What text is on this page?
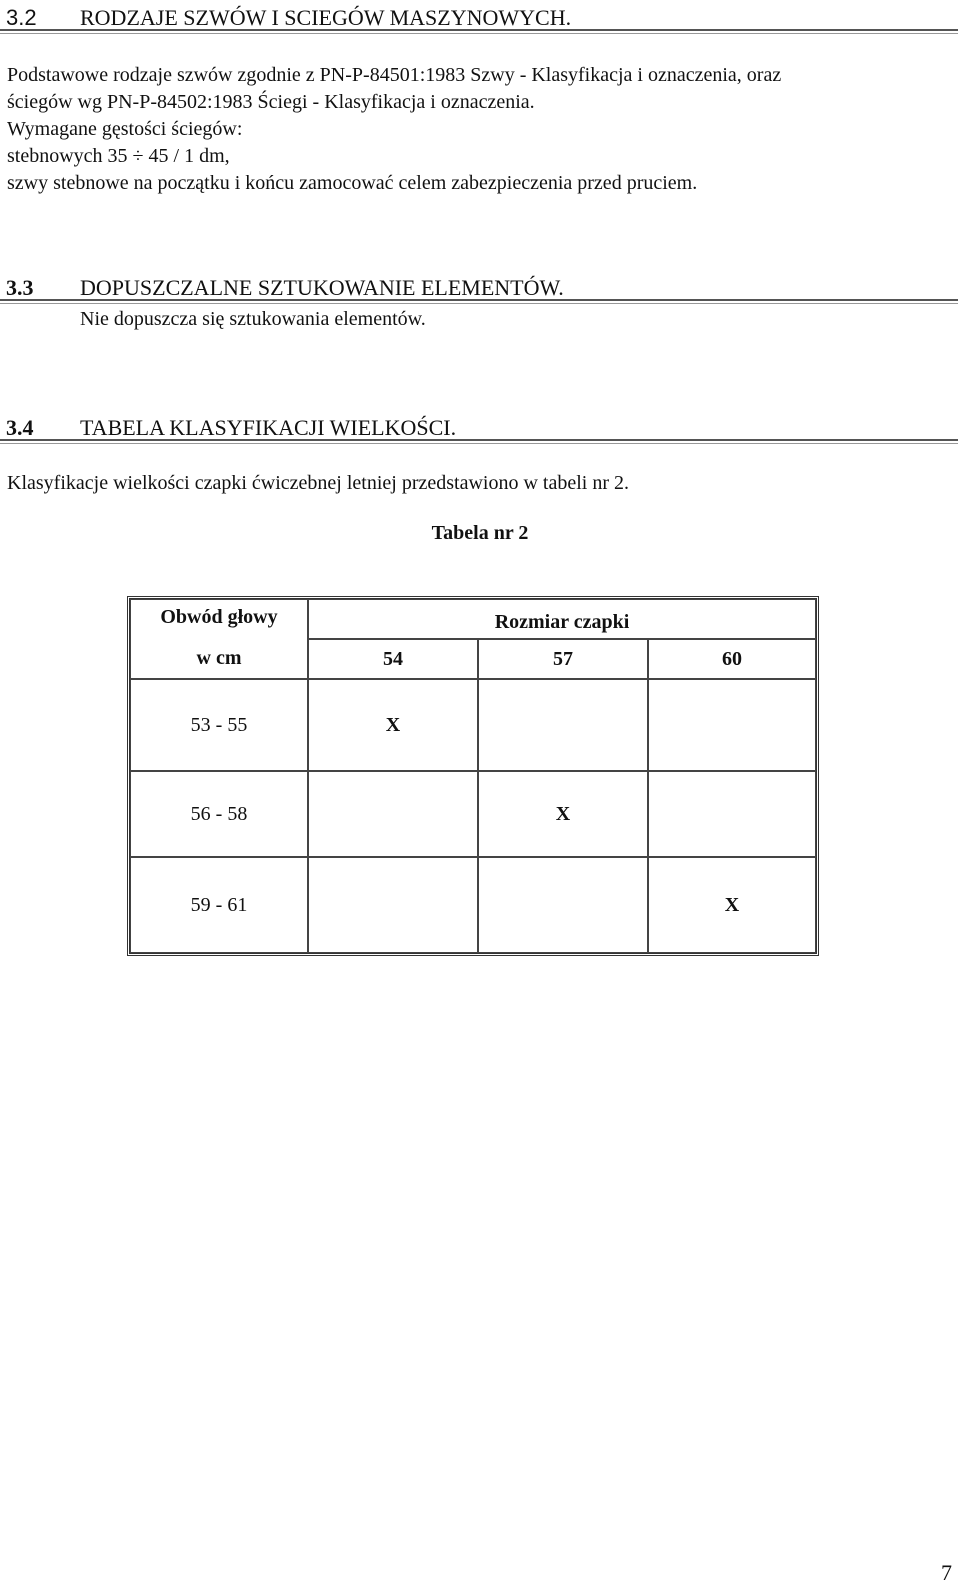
3.2 RODZAJE SZWÓW I SCIEGÓW MASZYNOWYCH.

Podstawowe rodzaje szwów zgodnie z PN-P-84501:1983 Szwy - Klasyfikacja i oznaczenia, oraz

ściegów wg PN-P-84502:1983 Ściegi - Klasyfikacja i oznaczenia.

Wymagane gęstości ściegów:

stebnowych 35 ÷ 45 / 1 dm,

szwy stebnowe na początku i końcu zamocować celem zabezpieczenia przed pruciem.

3.3 DOPUSZCZALNE SZTUKOWANIE ELEMENTÓW.

Nie dopuszcza się sztukowania elementów.

3.4 TABELA KLASYFIKACJI WIELKOŚCI.

Klasyfikacje wielkości czapki ćwiczebnej letniej przedstawiono w tabeli nr 2.

Tabela nr 2
Obwód głowy	Rozmiar czapki		
w cm	54	57	60
53 - 55	X		
56 - 58		X	
59 - 61			X
7
